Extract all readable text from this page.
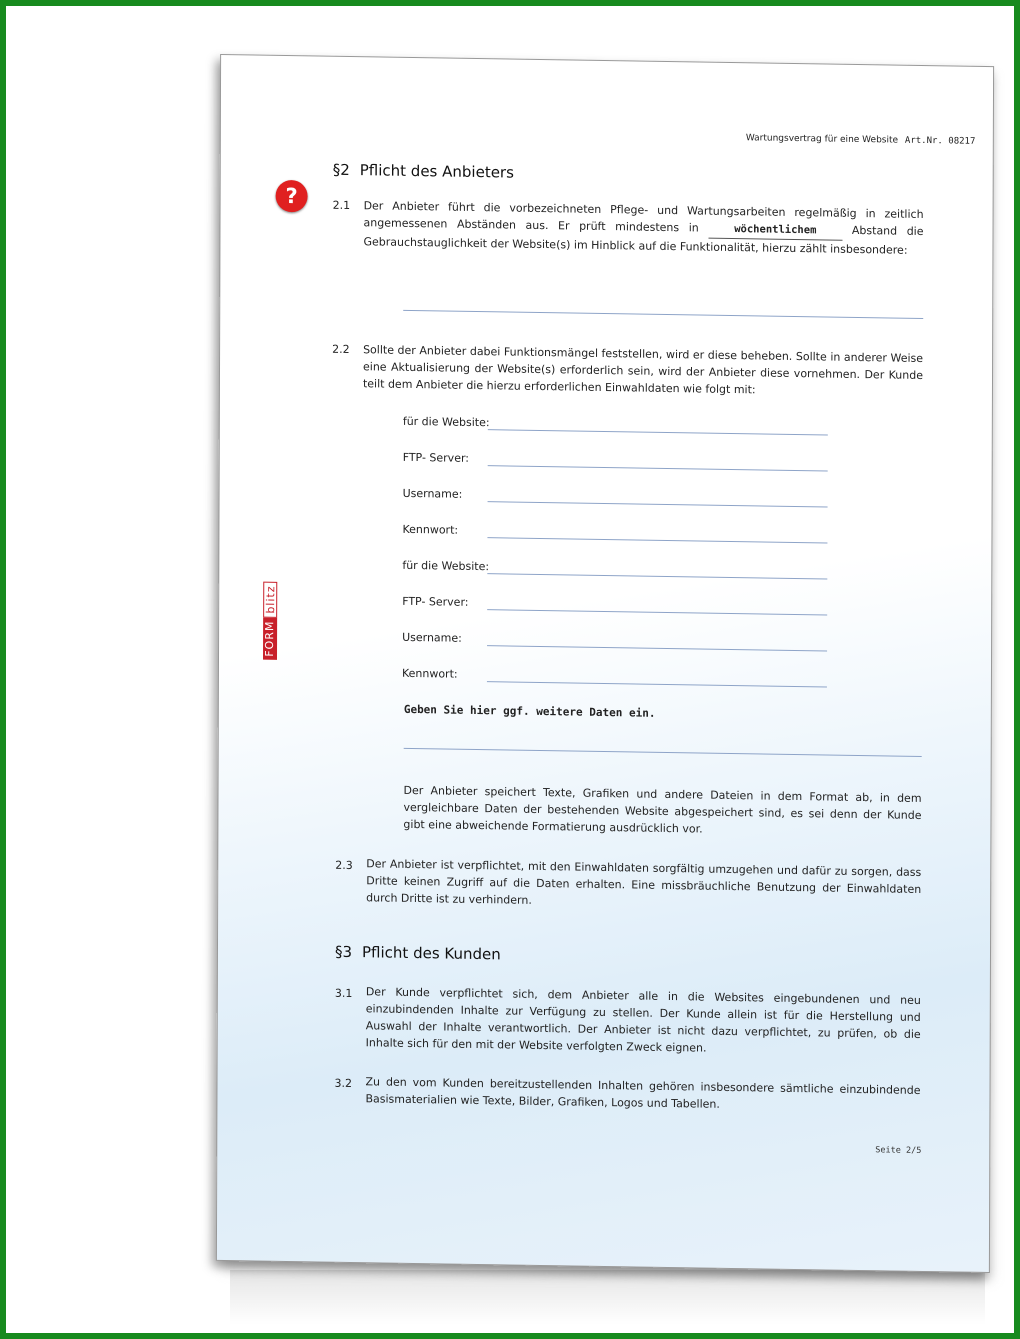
Wartungsvertrag für eine Website Art.Nr. 08217
?
FORM
blitz
§2 Pflicht des Anbieters
2.1 Der Anbieter führt die vorbezeichneten Pflege- und Wartungsarbeiten regelmäßig in zeitlich angemessenen Abständen aus. Er prüft mindestens in	wöchentlichem	Abstand die Gebrauchstauglichkeit der Website(s) im Hinblick auf die Funktionalität, hierzu zählt insbesondere:
2.2 Sollte der Anbieter dabei Funktionsmängel feststellen, wird er diese beheben. Sollte in anderer Weise eine Aktualisierung der Website(s) erforderlich sein, wird der Anbieter diese vornehmen. Der Kunde teilt dem Anbieter die hierzu erforderlichen Einwahldaten wie folgt mit:
für die Website:
FTP- Server:
Username:
Kennwort:
für die Website:
FTP- Server:
Username:
Kennwort:
Geben Sie hier ggf. weitere Daten ein.
Der Anbieter speichert Texte, Grafiken und andere Dateien in dem Format ab, in dem vergleichbare Daten der bestehenden Website abgespeichert sind, es sei denn der Kunde gibt eine abweichende Formatierung ausdrücklich vor.
2.3 Der Anbieter ist verpflichtet, mit den Einwahldaten sorgfältig umzugehen und dafür zu sorgen, dass Dritte keinen Zugriff auf die Daten erhalten. Eine missbräuchliche Benutzung der Einwahldaten durch Dritte ist zu verhindern.
§3 Pflicht des Kunden
3.1 Der Kunde verpflichtet sich, dem Anbieter alle in die Websites eingebundenen und neu einzubindenden Inhalte zur Verfügung zu stellen. Der Kunde allein ist für die Herstellung und Auswahl der Inhalte verantwortlich. Der Anbieter ist nicht dazu verpflichtet, zu prüfen, ob die Inhalte sich für den mit der Website verfolgten Zweck eignen.
3.2 Zu den vom Kunden bereitzustellenden Inhalten gehören insbesondere sämtliche einzubindende Basismaterialien wie Texte, Bilder, Grafiken, Logos und Tabellen.
Seite 2/5
